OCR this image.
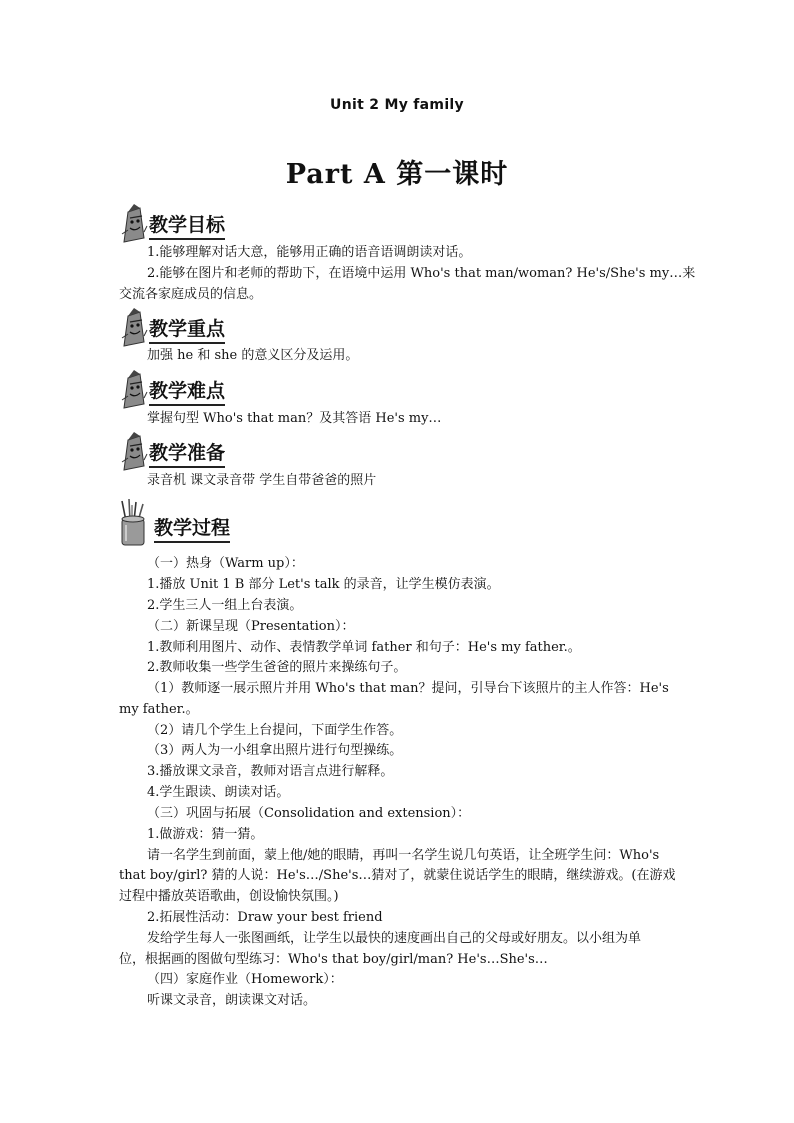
Unit 2 My family
Part A 第一课时
教学目标
1.能够理解对话大意，能够用正确的语音语调朗读对话。
2.能够在图片和老师的帮助下，在语境中运用 Who's that man/woman? He's/She's my…来
交流各家庭成员的信息。
教学重点
加强 he 和 she 的意义区分及运用。
教学难点
掌握句型 Who's that man？及其答语 He's my…
教学准备
录音机 课文录音带 学生自带爸爸的照片
教学过程
（一）热身（Warm up）：
1.播放 Unit 1 B 部分 Let's talk 的录音，让学生模仿表演。
2.学生三人一组上台表演。
（二）新课呈现（Presentation）：
1.教师利用图片、动作、表情教学单词 father 和句子：He's my father.。
2.教师收集一些学生爸爸的照片来操练句子。
（1）教师逐一展示照片并用 Who's that man？提问，引导台下该照片的主人作答：He's
my father.。
（2）请几个学生上台提问，下面学生作答。
（3）两人为一小组拿出照片进行句型操练。
3.播放课文录音，教师对语言点进行解释。
4.学生跟读、朗读对话。
（三）巩固与拓展（Consolidation and extension）：
1.做游戏：猜一猜。
请一名学生到前面，蒙上他/她的眼睛，再叫一名学生说几句英语，让全班学生问：Who's
that boy/girl? 猜的人说：He's…/She's…猜对了，就蒙住说话学生的眼睛，继续游戏。(在游戏
过程中播放英语歌曲，创设愉快氛围。)
2.拓展性活动：Draw your best friend
发给学生每人一张图画纸，让学生以最快的速度画出自己的父母或好朋友。以小组为单
位，根据画的图做句型练习：Who's that boy/girl/man? He's…She's…
（四）家庭作业（Homework）：
听课文录音，朗读课文对话。
